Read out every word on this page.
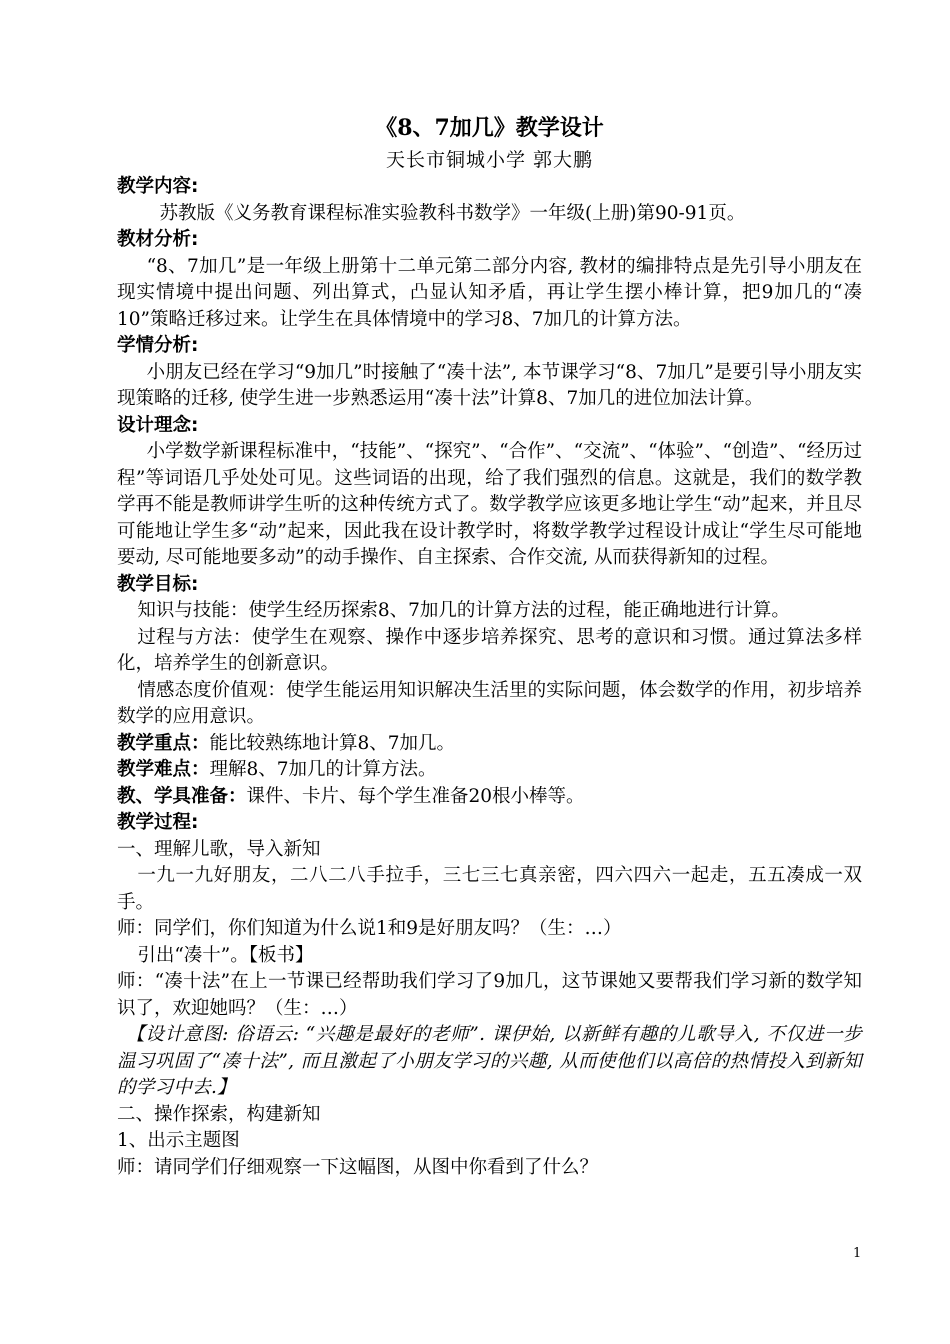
《8、7加几》教学设计
天长市铜城小学 郭大鹏
教学内容:
苏教版《义务教育课程标准实验教科书数学》一年级(上册)第90-91页。
教材分析:
“8、7加几”是一年级上册第十二单元第二部分内容, 教材的编排特点是先引导小朋友在现实情境中提出问题、列出算式，凸显认知矛盾，再让学生摆小棒计算，把9加几的“凑10”策略迁移过来。让学生在具体情境中的学习8、7加几的计算方法。
学情分析:
小朋友已经在学习“9加几”时接触了“凑十法”, 本节课学习“8、7加几”是要引导小朋友实现策略的迁移, 使学生进一步熟悉运用“凑十法”计算8、7加几的进位加法计算。
设计理念:
小学数学新课程标准中，“技能”、“探究”、“合作”、“交流”、“体验”、“创造”、“经历过程”等词语几乎处处可见。这些词语的出现，给了我们强烈的信息。这就是，我们的数学教学再不能是教师讲学生听的这种传统方式了。数学教学应该更多地让学生“动”起来，并且尽可能地让学生多“动”起来，因此我在设计教学时，将数学教学过程设计成让“学生尽可能地要动, 尽可能地要多动”的动手操作、自主探索、合作交流, 从而获得新知的过程。
教学目标:
知识与技能：使学生经历探索8、7加几的计算方法的过程，能正确地进行计算。
过程与方法：使学生在观察、操作中逐步培养探究、思考的意识和习惯。通过算法多样化，培养学生的创新意识。
情感态度价值观：使学生能运用知识解决生活里的实际问题，体会数学的作用，初步培养数学的应用意识。
教学重点：能比较熟练地计算8、7加几。
教学难点：理解8、7加几的计算方法。
教、学具准备：课件、卡片、每个学生准备20根小棒等。
教学过程:
一、理解儿歌，导入新知
一九一九好朋友，二八二八手拉手，三七三七真亲密，四六四六一起走，五五凑成一双手。
师：同学们，你们知道为什么说1和9是好朋友吗？（生：…）
引出“凑十”。【板书】
师：“凑十法”在上一节课已经帮助我们学习了9加几，这节课她又要帮我们学习新的数学知识了，欢迎她吗？（生：…）
【设计意图: 俗语云: “兴趣是最好的老师”. 课伊始, 以新鲜有趣的儿歌导入, 不仅进一步温习巩固了“凑十法”, 而且激起了小朋友学习的兴趣, 从而使他们以高倍的热情投入到新知的学习中去.】
二、操作探索，构建新知
1、出示主题图
师：请同学们仔细观察一下这幅图，从图中你看到了什么？
1
